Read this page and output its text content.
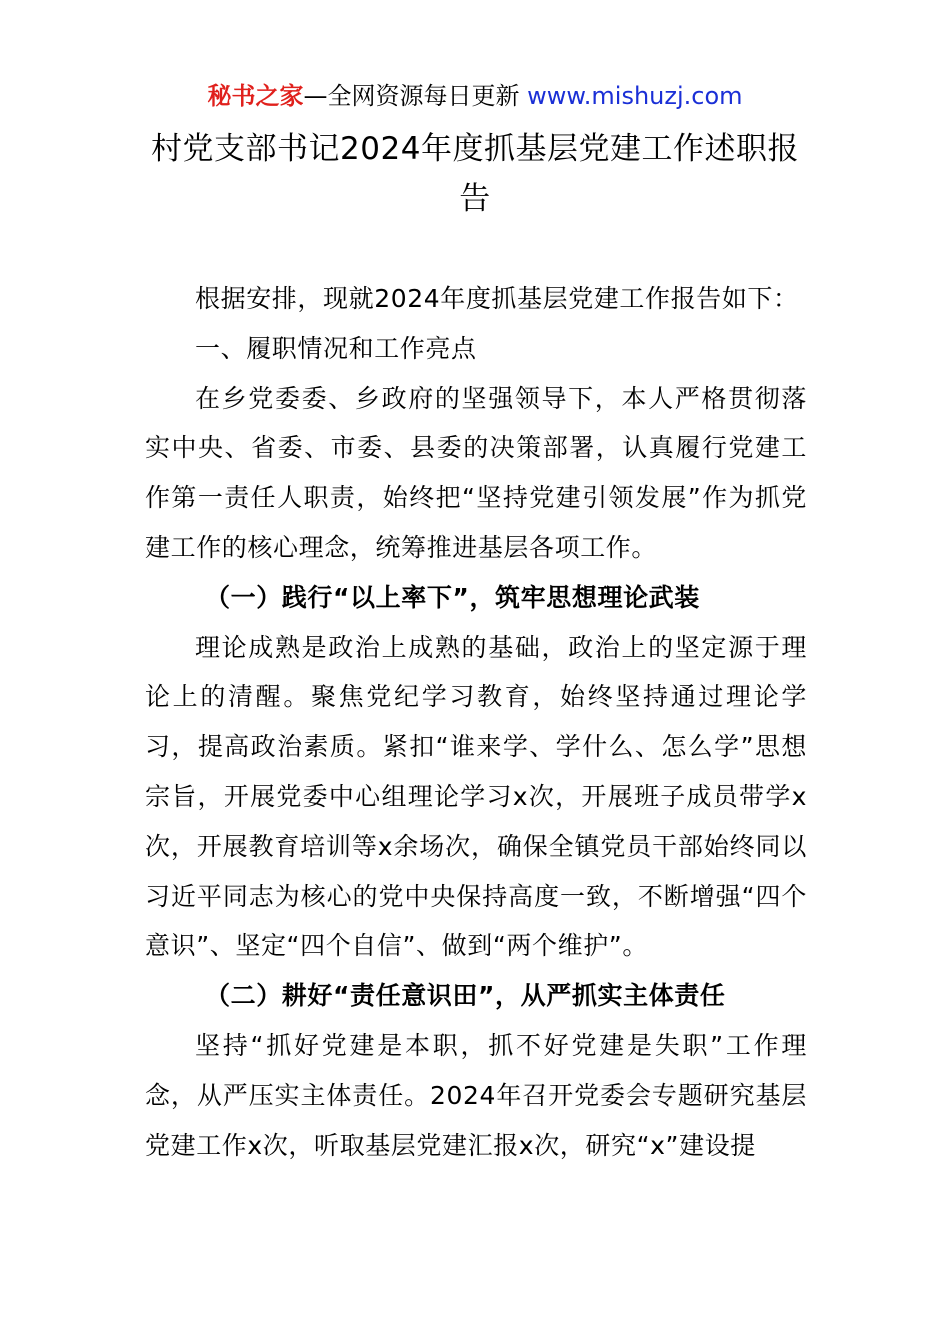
秘书之家—全网资源每日更新 www.mishuzj.com
村党支部书记2024年度抓基层党建工作述职报告

根据安排，现就2024年度抓基层党建工作报告如下：

一、履职情况和工作亮点

在乡党委委、乡政府的坚强领导下，本人严格贯彻落实中央、省委、市委、县委的决策部署，认真履行党建工作第一责任人职责，始终把“坚持党建引领发展”作为抓党建工作的核心理念，统筹推进基层各项工作。

（一）践行“以上率下”，筑牢思想理论武装

理论成熟是政治上成熟的基础，政治上的坚定源于理论上的清醒。聚焦党纪学习教育，始终坚持通过理论学习，提高政治素质。紧扣“谁来学、学什么、怎么学”思想宗旨，开展党委中心组理论学习x次，开展班子成员带学x次，开展教育培训等x余场次，确保全镇党员干部始终同以习近平同志为核心的党中央保持高度一致，不断增强“四个意识”、坚定“四个自信”、做到“两个维护”。

（二）耕好“责任意识田”，从严抓实主体责任

坚持“抓好党建是本职，抓不好党建是失职”工作理念，从严压实主体责任。2024年召开党委会专题研究基层党建工作x次，听取基层党建汇报x次，研究“x”建设提
